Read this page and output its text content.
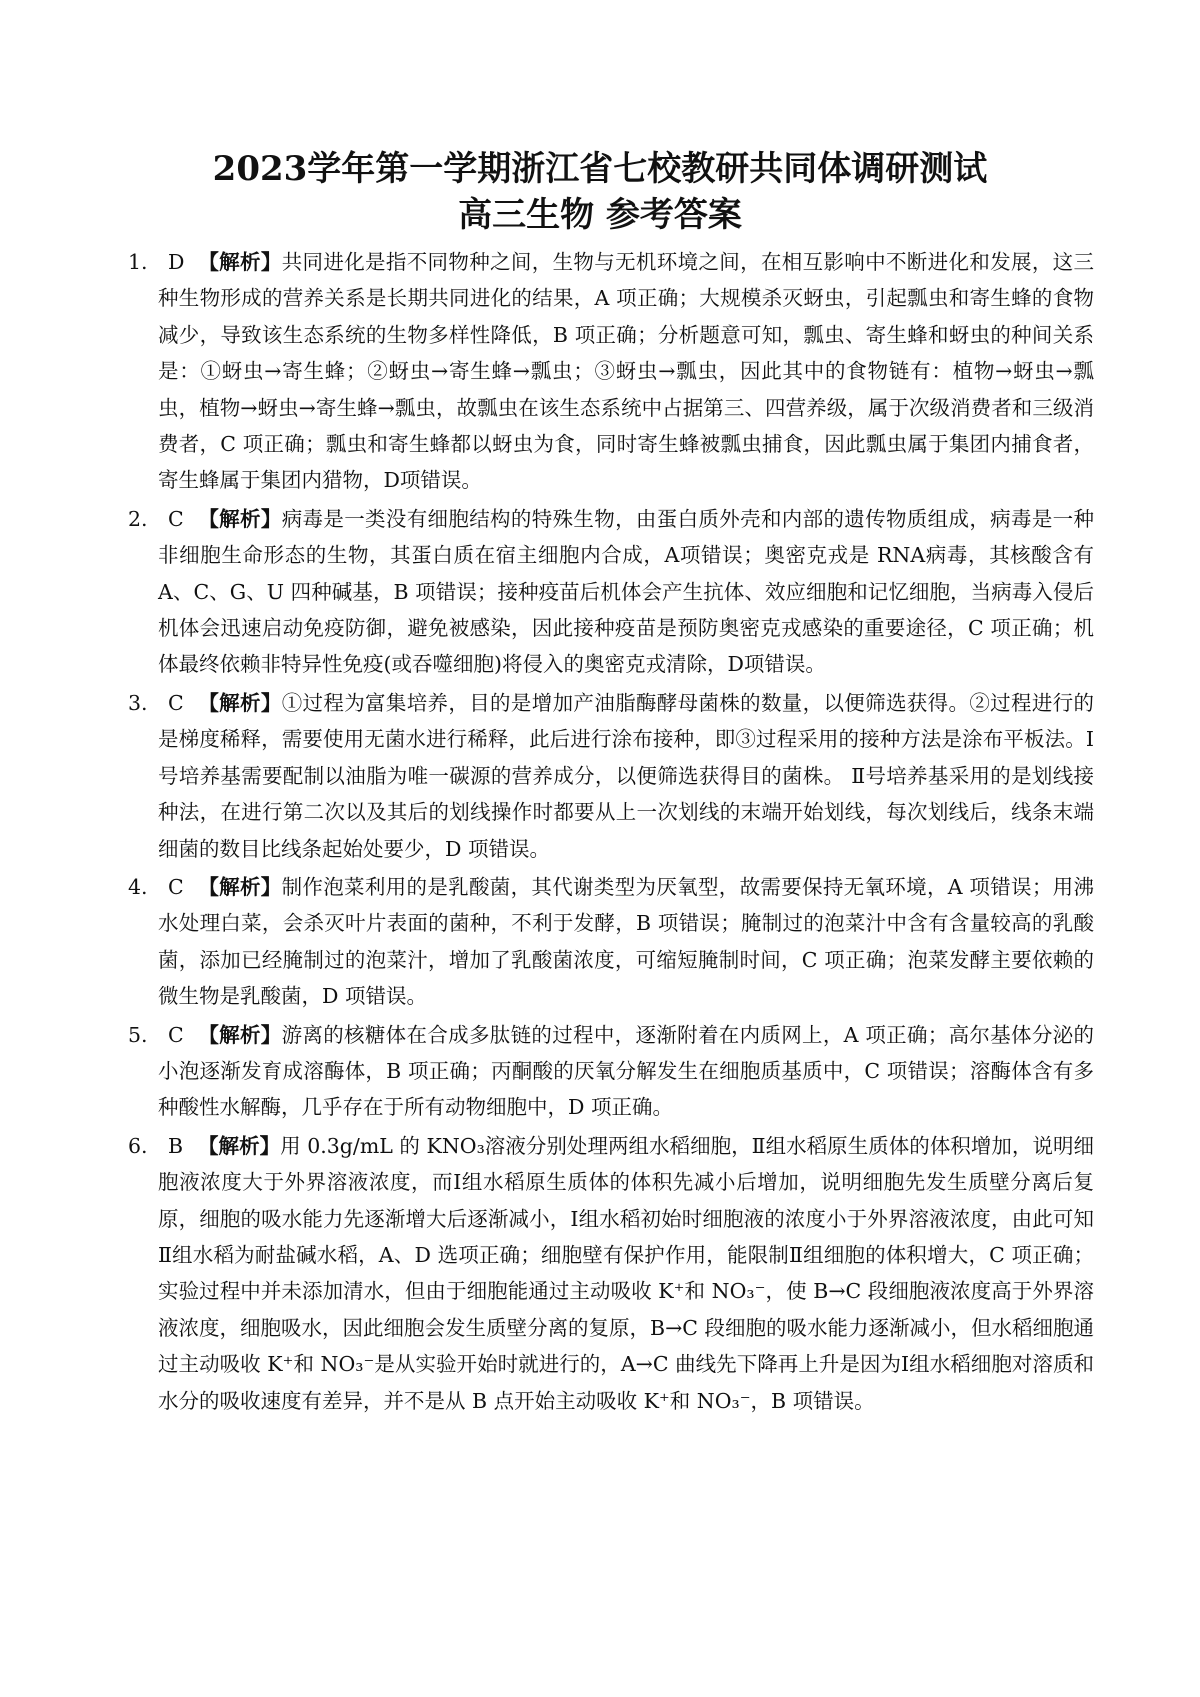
2023学年第一学期浙江省七校教研共同体调研测试
高三生物 参考答案

1. D 【解析】共同进化是指不同物种之间，生物与无机环境之间，在相互影响中不断进化和发展，这三种生物形成的营养关系是长期共同进化的结果，A 项正确；大规模杀灭蚜虫，引起瓢虫和寄生蜂的食物减少，导致该生态系统的生物多样性降低，B 项正确；分析题意可知，瓢虫、寄生蜂和蚜虫的种间关系是：①蚜虫→寄生蜂；②蚜虫→寄生蜂→瓢虫；③蚜虫→瓢虫，因此其中的食物链有：植物→蚜虫→瓢虫，植物→蚜虫→寄生蜂→瓢虫，故瓢虫在该生态系统中占据第三、四营养级，属于次级消费者和三级消费者，C 项正确；瓢虫和寄生蜂都以蚜虫为食，同时寄生蜂被瓢虫捕食，因此瓢虫属于集团内捕食者，寄生蜂属于集团内猎物，D项错误。

2. C 【解析】病毒是一类没有细胞结构的特殊生物，由蛋白质外壳和内部的遗传物质组成，病毒是一种非细胞生命形态的生物，其蛋白质在宿主细胞内合成，A项错误；奥密克戎是 RNA病毒，其核酸含有 A、C、G、U 四种碱基，B 项错误；接种疫苗后机体会产生抗体、效应细胞和记忆细胞，当病毒入侵后机体会迅速启动免疫防御，避免被感染，因此接种疫苗是预防奥密克戎感染的重要途径，C 项正确；机体最终依赖非特异性免疫(或吞噬细胞)将侵入的奥密克戎清除，D项错误。

3. C 【解析】①过程为富集培养，目的是增加产油脂酶酵母菌株的数量，以便筛选获得。②过程进行的是梯度稀释，需要使用无菌水进行稀释，此后进行涂布接种，即③过程采用的接种方法是涂布平板法。Ⅰ号培养基需要配制以油脂为唯一碳源的营养成分，以便筛选获得目的菌株。 Ⅱ号培养基采用的是划线接种法，在进行第二次以及其后的划线操作时都要从上一次划线的末端开始划线，每次划线后，线条末端细菌的数目比线条起始处要少，D 项错误。

4. C 【解析】制作泡菜利用的是乳酸菌，其代谢类型为厌氧型，故需要保持无氧环境，A 项错误；用沸水处理白菜，会杀灭叶片表面的菌种，不利于发酵，B 项错误；腌制过的泡菜汁中含有含量较高的乳酸菌，添加已经腌制过的泡菜汁，增加了乳酸菌浓度，可缩短腌制时间，C 项正确；泡菜发酵主要依赖的微生物是乳酸菌，D 项错误。

5. C 【解析】游离的核糖体在合成多肽链的过程中，逐渐附着在内质网上，A 项正确；高尔基体分泌的小泡逐渐发育成溶酶体，B 项正确；丙酮酸的厌氧分解发生在细胞质基质中，C 项错误；溶酶体含有多种酸性水解酶，几乎存在于所有动物细胞中，D 项正确。

6. B 【解析】用 0.3g/mL 的 KNO₃溶液分别处理两组水稻细胞，Ⅱ组水稻原生质体的体积增加，说明细胞液浓度大于外界溶液浓度，而Ⅰ组水稻原生质体的体积先减小后增加，说明细胞先发生质壁分离后复原，细胞的吸水能力先逐渐增大后逐渐减小，Ⅰ组水稻初始时细胞液的浓度小于外界溶液浓度，由此可知Ⅱ组水稻为耐盐碱水稻，A、D 选项正确；细胞壁有保护作用，能限制Ⅱ组细胞的体积增大，C 项正确；实验过程中并未添加清水，但由于细胞能通过主动吸收 K⁺和 NO₃⁻，使 B→C 段细胞液浓度高于外界溶液浓度，细胞吸水，因此细胞会发生质壁分离的复原，B→C 段细胞的吸水能力逐渐减小，但水稻细胞通过主动吸收 K⁺和 NO₃⁻是从实验开始时就进行的，A→C 曲线先下降再上升是因为Ⅰ组水稻细胞对溶质和水分的吸收速度有差异，并不是从 B 点开始主动吸收 K⁺和 NO₃⁻，B 项错误。
